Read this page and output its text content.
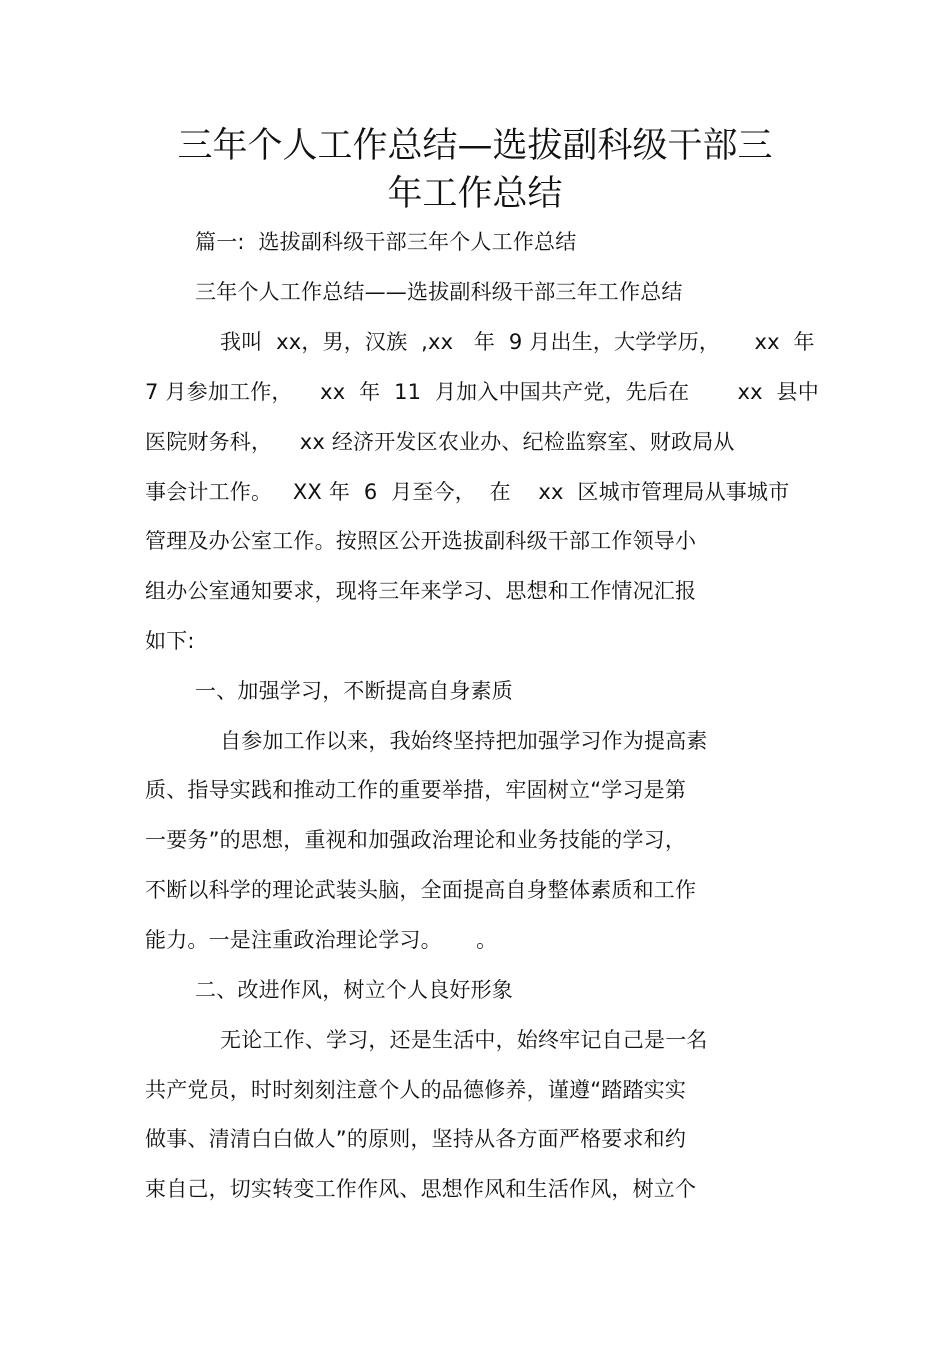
三年个人工作总结—选拔副科级干部三
年工作总结
篇一:  选拔副科级干部三年个人工作总结
三年个人工作总结——选拔副科级干部三年工作总结
我叫  xx，男，汉族  ,xx   年  9 月出生，大学学历，     xx  年
7 月参加工作，    xx  年  11  月加入中国共产党，先后在       xx  县中
医院财务科，    xx 经济开发区农业办、纪检监察室、财政局从
事会计工作。   XX 年  6  月至今，  在    xx  区城市管理局从事城市
管理及办公室工作。按照区公开选拔副科级干部工作领导小
组办公室通知要求，现将三年来学习、思想和工作情况汇报
如下:
一、加强学习，不断提高自身素质
自参加工作以来，我始终坚持把加强学习作为提高素
质、指导实践和推动工作的重要举措，牢固树立“学习是第
一要务”的思想，重视和加强政治理论和业务技能的学习，
不断以科学的理论武装头脑，全面提高自身整体素质和工作
能力。一是注重政治理论学习。     。
二、改进作风，树立个人良好形象
无论工作、学习，还是生活中，始终牢记自己是一名
共产党员，时时刻刻注意个人的品德修养，谨遵“踏踏实实
做事、清清白白做人”的原则，坚持从各方面严格要求和约
束自己，切实转变工作作风、思想作风和生活作风，树立个
